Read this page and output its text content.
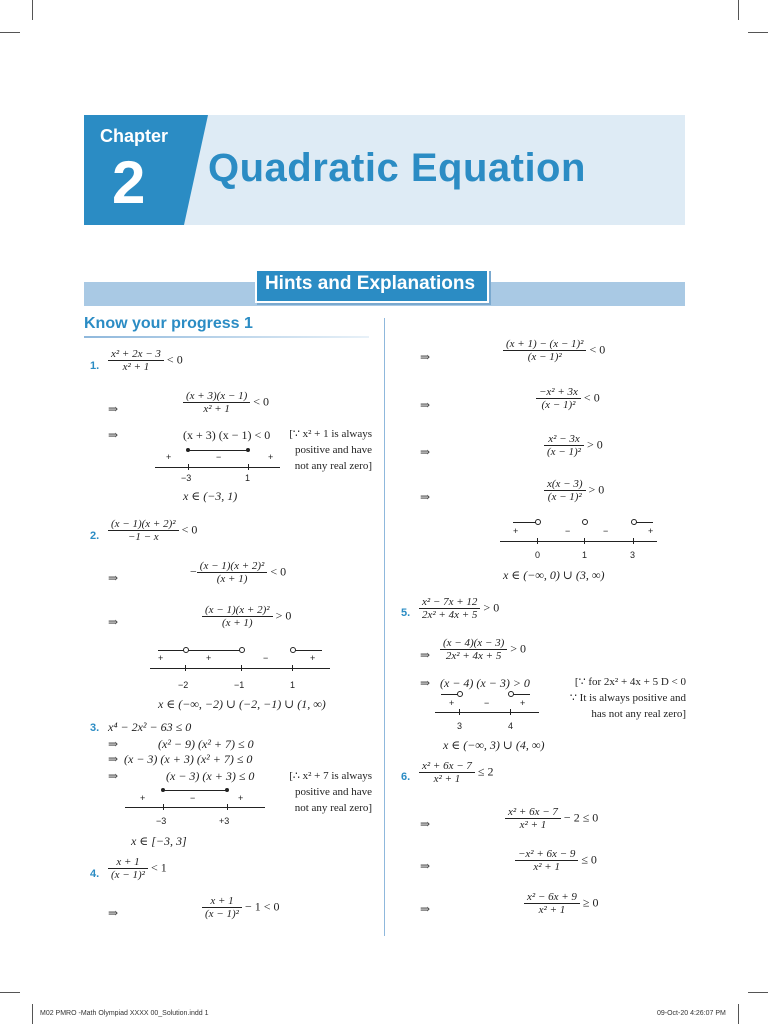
Chapter
2 Quadratic Equation
Hints and Explanations
Know your progress 1
1. $\frac{\text{x² + 2x − 3}}{\text{x² + 1}} < 0$
⇒	$\frac{(x + 3)(x - 1)}{\text{x² + 1}} < 0$
⇒	(x + 3) (x − 1) < 0	[∵ x² + 1 is always
positive and have
not any real zero]
+	−	+
−3	1
x ∈ (−3, 1)
2. $\frac{\text{(x − 1)(x + 2)²}}{-1 - x} < 0$
⇒	− $\frac{\text{(x − 1)(x + 2)²}}{(x + 1)} < 0$
⇒	$\frac{\text{(x − 1)(x + 2)²}}{(x + 1)} > 0$
+	+	−	+
−2	−1	1
x ∈ (−∞, −2) ∪ (−2, −1) ∪ (1, ∞)
3. x⁴ − 2x² − 63 ≤ 0
⇒	(x² − 9) (x² + 7) ≤ 0
⇒ (x − 3) (x + 3) (x² + 7) ≤ 0
⇒	(x − 3) (x + 3) ≤ 0	[∴ x² + 7 is always
positive and have
not any real zero]
+	−	+
−3	+3
x ∈ [−3, 3]
4. $\frac{x + 1}{\text{(x − 1)²}} < 1$
⇒	$\frac{x + 1}{\text{(x − 1)²}} - 1 < 0$
⇒	$\frac{\text{(x + 1) − (x − 1)²}}{\text{(x − 1)²}} < 0$
⇒	$\frac{\text{−x² + 3x}}{\text{(x − 1)²}} < 0$
⇒	$\frac{\text{x² − 3x}}{\text{(x − 1)²}} > 0$
⇒	$\frac{x(x - 3)}{\text{(x − 1)²}} > 0$
+	−	−	+
0	1	3
x ∈ (−∞, 0) ∪ (3, ∞)
5. $\frac{\text{x² − 7x + 12}}{\text{2x² + 4x + 5}} > 0$
⇒ $\frac{(x - 4)(x - 3)}{\text{2x² + 4x + 5}} > 0$
⇒ (x − 4) (x − 3) > 0	[∵ for 2x² + 4x + 5 D < 0
∵ It is always positive and
has not any real zero]
+	−	+
3	4
x ∈ (−∞, 3) ∪ (4, ∞)
6. $\frac{\text{x² + 6x − 7}}{\text{x² + 1}} \le 2$
⇒	$\frac{\text{x² + 6x − 7}}{\text{x² + 1}} - 2 \le 0$
⇒	$\frac{\text{−x² + 6x − 9}}{\text{x² + 1}} \le 0$
⇒	$\frac{\text{x² − 6x + 9}}{\text{x² + 1}} \ge 0$
M02 PMRO -Math Olympiad XXXX 00_Solution.indd 1	09-Oct-20 4:26:07 PM
